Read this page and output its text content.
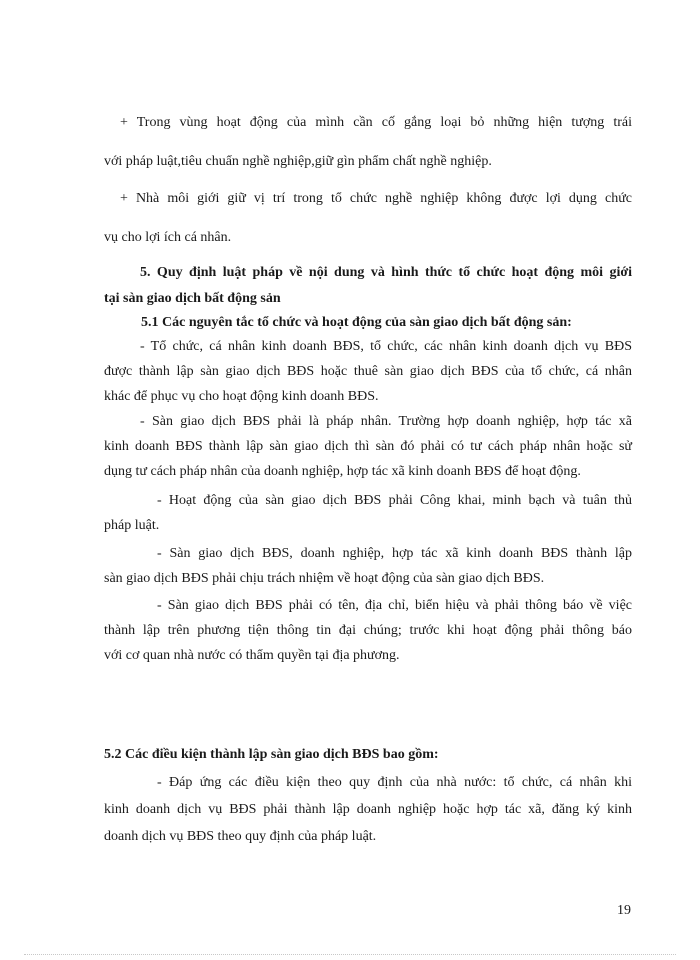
+ Trong vùng hoạt động của mình cần cố gắng loại bỏ những hiện tượng trái
với pháp luật,tiêu chuẩn nghề nghiệp,giữ gìn phẩm chất nghề nghiệp.
+ Nhà môi giới giữ vị trí trong tổ chức nghề nghiệp không được lợi dụng chức
vụ cho lợi ích cá nhân.
5. Quy định luật pháp về nội dung và hình thức tổ chức hoạt động môi giới
tại sàn giao dịch bất động sản
5.1 Các nguyên tắc tổ chức và hoạt động của sàn giao dịch bất động sản:
- Tổ chức, cá nhân kinh doanh BĐS, tổ chức, các nhân kinh doanh dịch vụ BĐS
được thành lập sàn giao dịch BĐS hoặc thuê sàn giao dịch BĐS của tổ chức, cá nhân
khác để phục vụ cho hoạt động kinh doanh BĐS.
- Sàn giao dịch BĐS phải là pháp nhân. Trường hợp doanh nghiệp, hợp tác xã
kinh doanh BĐS thành lập sàn giao dịch thì sàn đó phải có tư cách pháp nhân hoặc sử
dụng tư cách pháp nhân của doanh nghiệp, hợp tác xã kinh doanh BĐS để hoạt động.
- Hoạt động của sàn giao dịch BĐS phải Công khai, minh bạch và tuân thủ
pháp luật.
- Sàn giao dịch BĐS, doanh nghiệp, hợp tác xã kinh doanh BĐS thành lập
sàn giao dịch BĐS phải chịu trách nhiệm về hoạt động của sàn giao dịch BĐS.
- Sàn giao dịch BĐS phải có tên, địa chỉ, biển hiệu và phải thông báo về việc
thành lập trên phương tiện thông tin đại chúng; trước khi hoạt động phải thông báo
với cơ quan nhà nước có thẩm quyền tại địa phương.
5.2 Các điều kiện thành lập sàn giao dịch BĐS bao gồm:
- Đáp ứng các điều kiện theo quy định của nhà nước: tổ chức, cá nhân khi
kinh doanh dịch vụ BĐS phải thành lập doanh nghiệp hoặc hợp tác xã, đăng ký kinh
doanh dịch vụ BĐS theo quy định của pháp luật.
19
